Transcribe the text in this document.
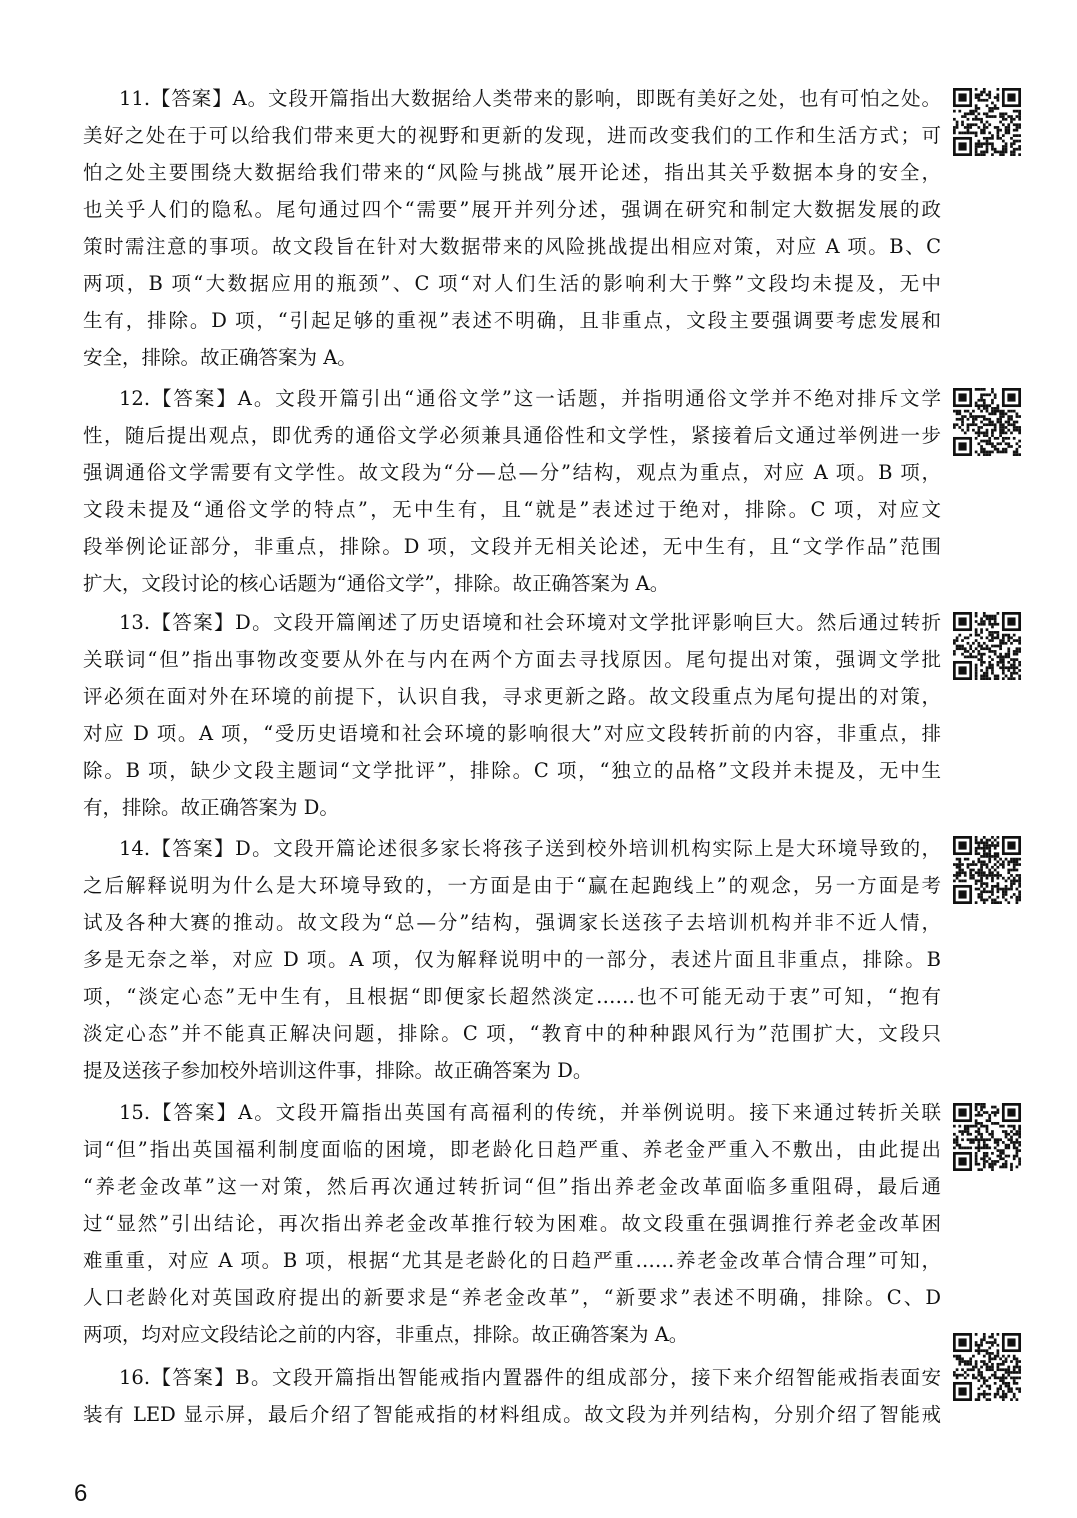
11.【答案】A。文段开篇指出大数据给人类带来的影响，即既有美好之处，也有可怕之处。
美好之处在于可以给我们带来更大的视野和更新的发现，进而改变我们的工作和生活方式；可
怕之处主要围绕大数据给我们带来的“风险与挑战”展开论述，指出其关乎数据本身的安全，
也关乎人们的隐私。尾句通过四个“需要”展开并列分述，强调在研究和制定大数据发展的政
策时需注意的事项。故文段旨在针对大数据带来的风险挑战提出相应对策，对应 A 项。B、C
两项，B 项“大数据应用的瓶颈”、C 项“对人们生活的影响利大于弊”文段均未提及，无中
生有，排除。D 项，“引起足够的重视”表述不明确，且非重点，文段主要强调要考虑发展和
安全，排除。故正确答案为 A。
12.【答案】A。文段开篇引出“通俗文学”这一话题，并指明通俗文学并不绝对排斥文学
性，随后提出观点，即优秀的通俗文学必须兼具通俗性和文学性，紧接着后文通过举例进一步
强调通俗文学需要有文学性。故文段为“分—总—分”结构，观点为重点，对应 A 项。B 项，
文段未提及“通俗文学的特点”，无中生有，且“就是”表述过于绝对，排除。C 项，对应文
段举例论证部分，非重点，排除。D 项，文段并无相关论述，无中生有，且“文学作品”范围
扩大，文段讨论的核心话题为“通俗文学”，排除。故正确答案为 A。
13.【答案】D。文段开篇阐述了历史语境和社会环境对文学批评影响巨大。然后通过转折
关联词“但”指出事物改变要从外在与内在两个方面去寻找原因。尾句提出对策，强调文学批
评必须在面对外在环境的前提下，认识自我，寻求更新之路。故文段重点为尾句提出的对策，
对应 D 项。A 项，“受历史语境和社会环境的影响很大”对应文段转折前的内容，非重点，排
除。B 项，缺少文段主题词“文学批评”，排除。C 项，“独立的品格”文段并未提及，无中生
有，排除。故正确答案为 D。
14.【答案】D。文段开篇论述很多家长将孩子送到校外培训机构实际上是大环境导致的，
之后解释说明为什么是大环境导致的，一方面是由于“赢在起跑线上”的观念，另一方面是考
试及各种大赛的推动。故文段为“总—分”结构，强调家长送孩子去培训机构并非不近人情，
多是无奈之举，对应 D 项。A 项，仅为解释说明中的一部分，表述片面且非重点，排除。B
项，“淡定心态”无中生有，且根据“即便家长超然淡定……也不可能无动于衷”可知，“抱有
淡定心态”并不能真正解决问题，排除。C 项，“教育中的种种跟风行为”范围扩大，文段只
提及送孩子参加校外培训这件事，排除。故正确答案为 D。
15.【答案】A。文段开篇指出英国有高福利的传统，并举例说明。接下来通过转折关联
词“但”指出英国福利制度面临的困境，即老龄化日趋严重、养老金严重入不敷出，由此提出
“养老金改革”这一对策，然后再次通过转折词“但”指出养老金改革面临多重阻碍，最后通
过“显然”引出结论，再次指出养老金改革推行较为困难。故文段重在强调推行养老金改革困
难重重，对应 A 项。B 项，根据“尤其是老龄化的日趋严重……养老金改革合情合理”可知，
人口老龄化对英国政府提出的新要求是“养老金改革”，“新要求”表述不明确，排除。C、D
两项，均对应文段结论之前的内容，非重点，排除。故正确答案为 A。
16.【答案】B。文段开篇指出智能戒指内置器件的组成部分，接下来介绍智能戒指表面安
装有 LED 显示屏，最后介绍了智能戒指的材料组成。故文段为并列结构，分别介绍了智能戒
6
